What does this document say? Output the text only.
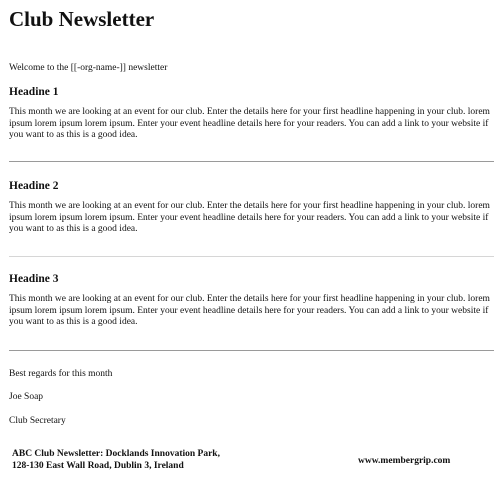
Club Newsletter

Welcome to the [[-org-name-]] newsletter

Headine 1

This month we are looking at an event for our club. Enter the details here for your first headline happening in your club. lorem ipsum lorem ipsum lorem ipsum. Enter your event headline details here for your readers. You can add a link to your website if you want to as this is a good idea.

Headine 2

This month we are looking at an event for our club. Enter the details here for your first headline happening in your club. lorem ipsum lorem ipsum lorem ipsum. Enter your event headline details here for your readers. You can add a link to your website if you want to as this is a good idea.

Headine 3

This month we are looking at an event for our club. Enter the details here for your first headline happening in your club. lorem ipsum lorem ipsum lorem ipsum. Enter your event headline details here for your readers. You can add a link to your website if you want to as this is a good idea.

Best regards for this month

Joe Soap

Club Secretary

ABC Club Newsletter: Docklands Innovation Park,
128-130 East Wall Road, Dublin 3, Ireland	www.membergrip.com
